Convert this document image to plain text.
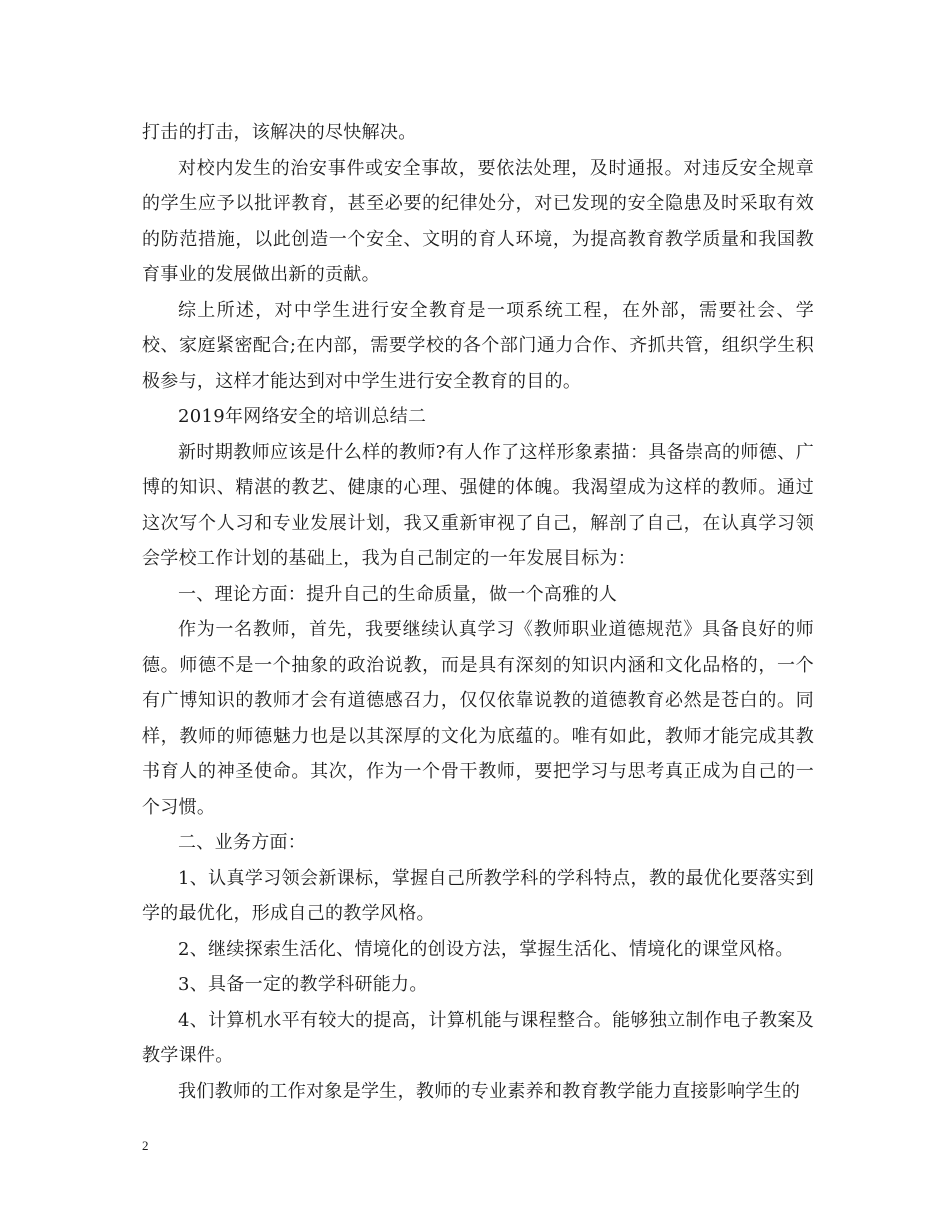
打击的打击，该解决的尽快解决。

对校内发生的治安事件或安全事故，要依法处理，及时通报。对违反安全规章的学生应予以批评教育，甚至必要的纪律处分，对已发现的安全隐患及时采取有效的防范措施，以此创造一个安全、文明的育人环境，为提高教育教学质量和我国教育事业的发展做出新的贡献。

综上所述，对中学生进行安全教育是一项系统工程，在外部，需要社会、学校、家庭紧密配合;在内部，需要学校的各个部门通力合作、齐抓共管，组织学生积极参与，这样才能达到对中学生进行安全教育的目的。

2019年网络安全的培训总结二

新时期教师应该是什么样的教师?有人作了这样形象素描：具备崇高的师德、广博的知识、精湛的教艺、健康的心理、强健的体魄。我渴望成为这样的教师。通过这次写个人习和专业发展计划，我又重新审视了自己，解剖了自己，在认真学习领会学校工作计划的基础上，我为自己制定的一年发展目标为：

一、理论方面：提升自己的生命质量，做一个高雅的人

作为一名教师，首先，我要继续认真学习《教师职业道德规范》具备良好的师德。师德不是一个抽象的政治说教，而是具有深刻的知识内涵和文化品格的，一个有广博知识的教师才会有道德感召力，仅仅依靠说教的道德教育必然是苍白的。同样，教师的师德魅力也是以其深厚的文化为底蕴的。唯有如此，教师才能完成其教书育人的神圣使命。其次，作为一个骨干教师，要把学习与思考真正成为自己的一个习惯。

二、业务方面：

1、认真学习领会新课标，掌握自己所教学科的学科特点，教的最优化要落实到学的最优化，形成自己的教学风格。

2、继续探索生活化、情境化的创设方法，掌握生活化、情境化的课堂风格。

3、具备一定的教学科研能力。

4、计算机水平有较大的提高，计算机能与课程整合。能够独立制作电子教案及教学课件。

我们教师的工作对象是学生，教师的专业素养和教育教学能力直接影响学生的

2
